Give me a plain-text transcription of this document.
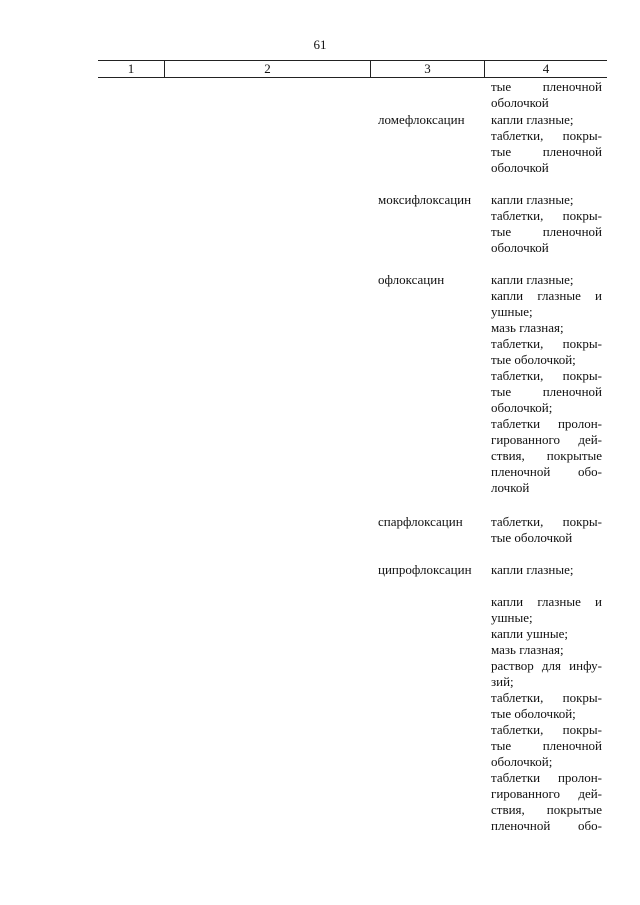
61
1	2	3	4
тые пленочной
оболочкой
ломефлоксацин капли глазные;
таблетки, покры-
тые пленочной
оболочкой
моксифлоксацин капли глазные;
таблетки, покры-
тые пленочной
оболочкой
офлоксацин	капли глазные;
капли глазные и
ушные;
мазь глазная;
таблетки, покры-
тые оболочкой;
таблетки, покры-
тые пленочной
оболочкой;
таблетки пролон-
гированного дей-
ствия, покрытые
пленочной обо-
лочкой
спарфлоксацин таблетки, покры-
тые оболочкой
ципрофлоксацин капли глазные;
капли глазные и
ушные;
капли ушные;
мазь глазная;
раствор для инфу-
зий;
таблетки, покры-
тые оболочкой;
таблетки, покры-
тые пленочной
оболочкой;
таблетки пролон-
гированного дей-
ствия, покрытые
пленочной обо-
